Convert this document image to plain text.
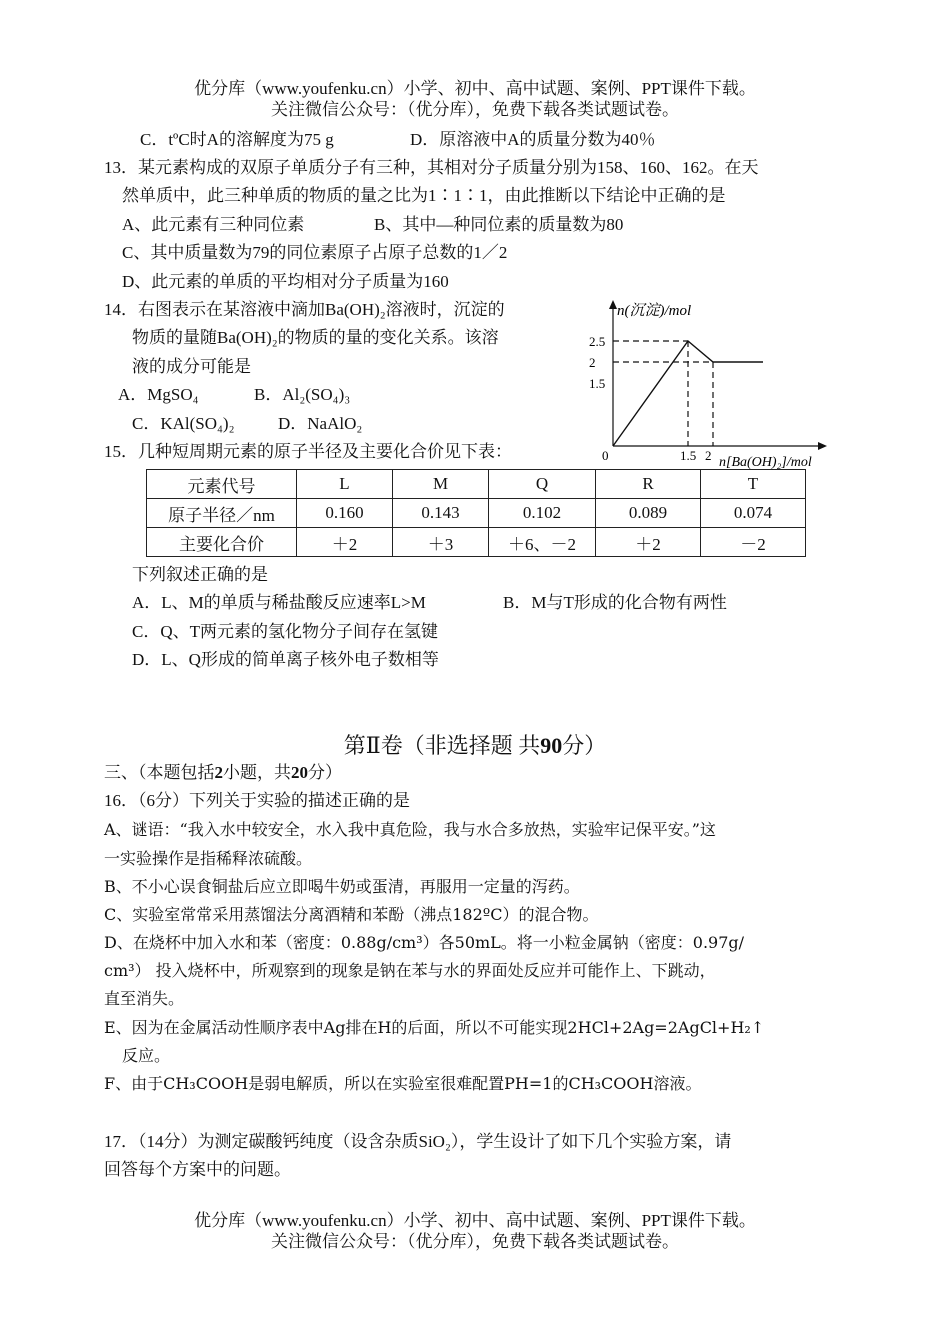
优分库（www.youfenku.cn）小学、初中、高中试题、案例、PPT课件下载。
关注微信公众号：（优分库），免费下载各类试题试卷。
C．tºC时A的溶解度为75 g	D．原溶液中A的质量分数为40％
13．某元素构成的双原子单质分子有三种，其相对分子质量分别为158、160、162。在天
然单质中，此三种单质的物质的量之比为1∶1∶1，由此推断以下结论中正确的是
A、此元素有三种同位素	B、其中—种同位素的质量数为80
C、其中质量数为79的同位素原子占原子总数的1／2
D、此元素的单质的平均相对分子质量为160
14．右图表示在某溶液中滴加Ba(OH)₂溶液时，沉淀的
物质的量随Ba(OH)₂的物质的量的变化关系。该溶
液的成分可能是
A．MgSO₄	B．Al₂(SO₄)₃
C．KAl(SO₄)₂	D．NaAlO₂
n(沉淀)/mol
n[Ba(OH)₂]/mol
0	1.5 2
1.5
2
2.5
15．几种短周期元素的原子半径及主要化合价见下表：
元素代号	L	M	Q	R	T
原子半径／nm	0.160	0.143	0.102	0.089	0.074
主要化合价	＋2	＋3	＋6、－2	＋2	－2
下列叙述正确的是
A．L、M的单质与稀盐酸反应速率L>M	B．M与T形成的化合物有两性
C．Q、T两元素的氢化物分子间存在氢键
D．L、Q形成的简单离子核外电子数相等
第Ⅱ卷（非选择题 共90分）
三、（本题包括2小题，共20分）
16．（6分）下列关于实验的描述正确的是
A、谜语：“我入水中较安全，水入我中真危险，我与水合多放热，实验牢记保平安。”这
一实验操作是指稀释浓硫酸。
B、不小心误食铜盐后应立即喝牛奶或蛋清，再服用一定量的泻药。
C、实验室常常采用蒸馏法分离酒精和苯酚（沸点182ºC）的混合物。
D、在烧杯中加入水和苯（密度：0.88g/cm³）各50mL。将一小粒金属钠（密度：0.97g/
cm³） 投入烧杯中，所观察到的现象是钠在苯与水的界面处反应并可能作上、下跳动，
直至消失。
E、因为在金属活动性顺序表中Ag排在H的后面，所以不可能实现2HCl+2Ag=2AgCl+H₂↑
反应。
F、由于CH₃COOH是弱电解质，所以在实验室很难配置PH=1的CH₃COOH溶液。
17．（14分）为测定碳酸钙纯度（设含杂质SiO₂），学生设计了如下几个实验方案，请
回答每个方案中的问题。
优分库（www.youfenku.cn）小学、初中、高中试题、案例、PPT课件下载。
关注微信公众号：（优分库），免费下载各类试题试卷。
